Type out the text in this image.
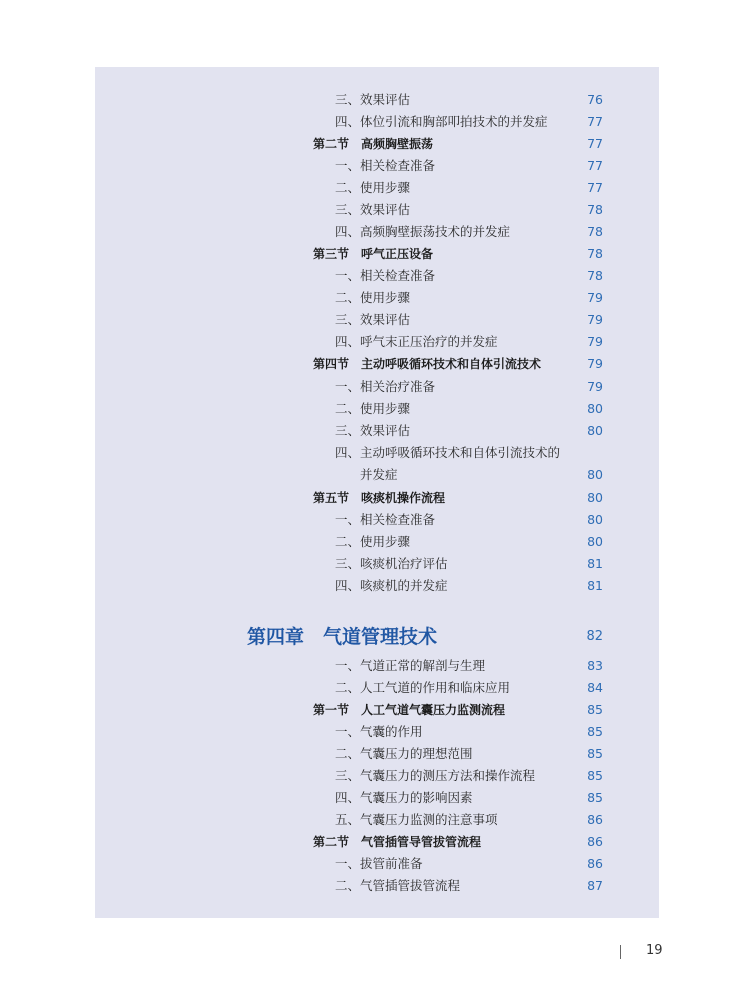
三、效果评估	76
四、体位引流和胸部叩拍技术的并发症	77
第二节　高频胸壁振荡	77
一、相关检查准备	77
二、使用步骤	77
三、效果评估	78
四、高频胸壁振荡技术的并发症	78
第三节　呼气正压设备	78
一、相关检查准备	78
二、使用步骤	79
三、效果评估	79
四、呼气末正压治疗的并发症	79
第四节　主动呼吸循环技术和自体引流技术	79
一、相关治疗准备	79
二、使用步骤	80
三、效果评估	80
四、主动呼吸循环技术和自体引流技术的
　　并发症	80
第五节　咳痰机操作流程	80
一、相关检查准备	80
二、使用步骤	80
三、咳痰机治疗评估	81
四、咳痰机的并发症	81
第四章　气道管理技术	82
一、气道正常的解剖与生理	83
二、人工气道的作用和临床应用	84
第一节　人工气道气囊压力监测流程	85
一、气囊的作用	85
二、气囊压力的理想范围	85
三、气囊压力的测压方法和操作流程	85
四、气囊压力的影响因素	85
五、气囊压力监测的注意事项	86
第二节　气管插管导管拔管流程	86
一、拔管前准备	86
二、气管插管拔管流程	87
19
